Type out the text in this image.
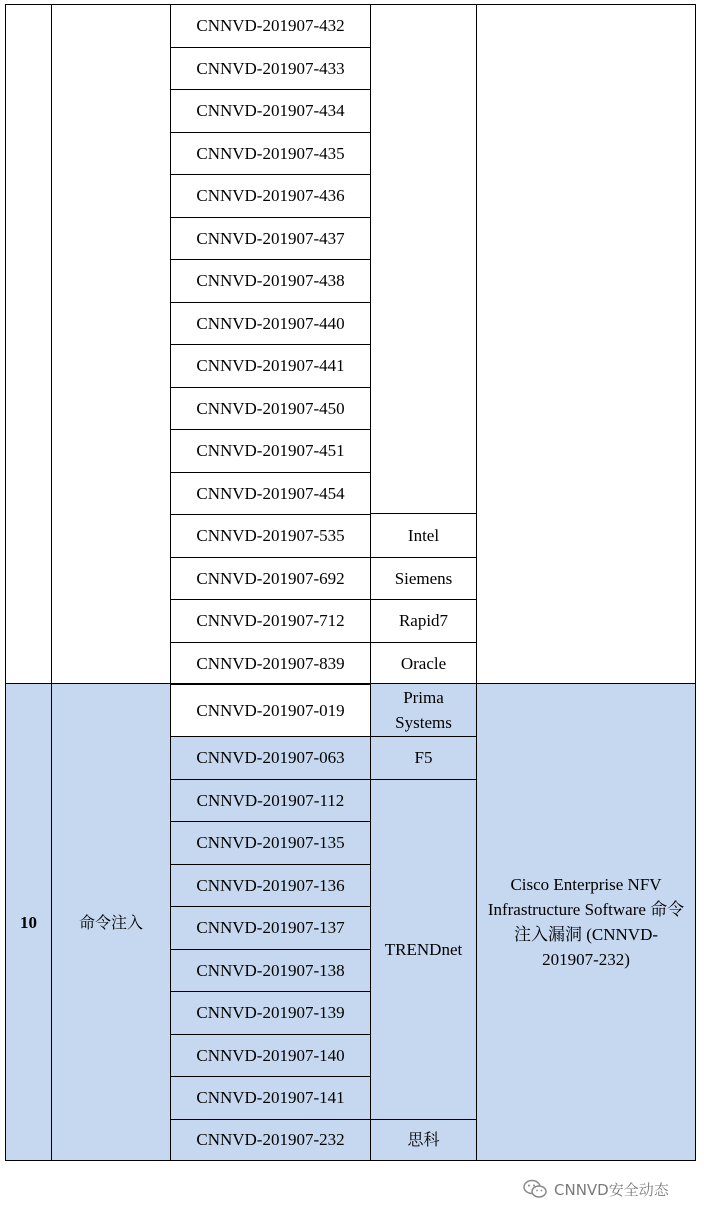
CNNVD-201907-432
CNNVD-201907-433
CNNVD-201907-434
CNNVD-201907-435
CNNVD-201907-436
CNNVD-201907-437
CNNVD-201907-438
CNNVD-201907-440
CNNVD-201907-441
CNNVD-201907-450
CNNVD-201907-451
CNNVD-201907-454
CNNVD-201907-535
CNNVD-201907-692
CNNVD-201907-712
CNNVD-201907-839
Intel
Siemens
Rapid7
Oracle
10	命令注入
CNNVD-201907-019
CNNVD-201907-063
CNNVD-201907-112
CNNVD-201907-135
CNNVD-201907-136
CNNVD-201907-137
CNNVD-201907-138
CNNVD-201907-139
CNNVD-201907-140
CNNVD-201907-141
CNNVD-201907-232
Prima Systems
F5
TRENDnet
思科
Cisco Enterprise NFV Infrastructure Software 命令注入漏洞 (CNNVD-201907-232)
CNNVD安全动态
